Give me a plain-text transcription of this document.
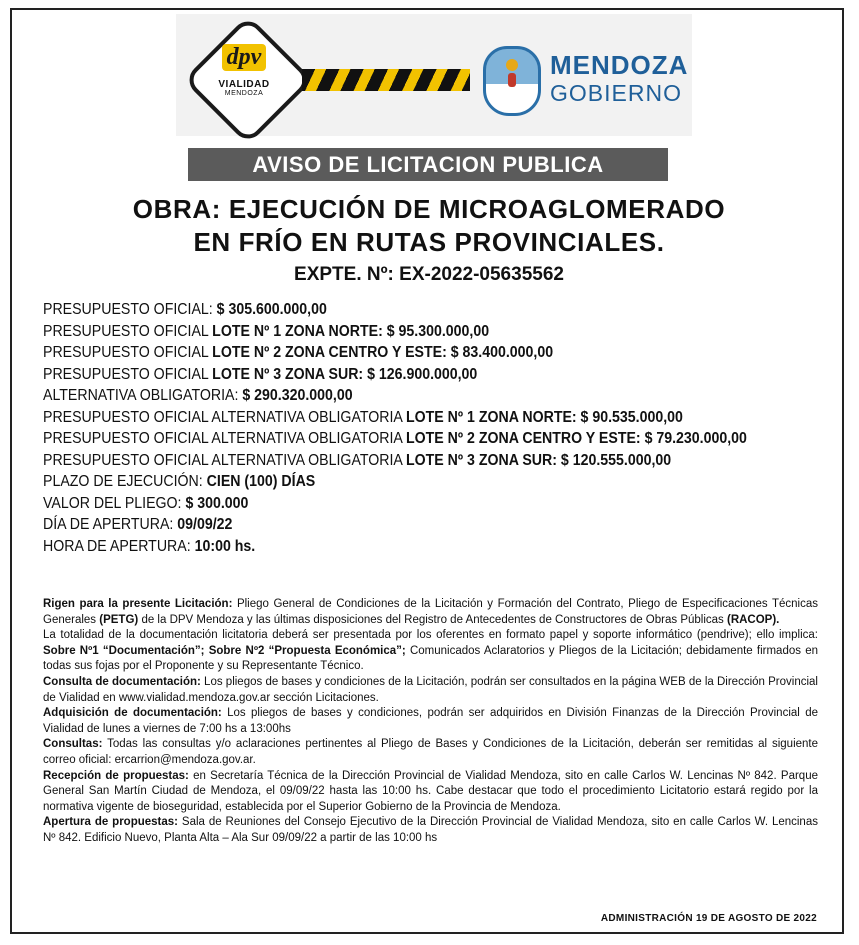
dpv
VIALIDAD
MENDOZA
MENDOZA
GOBIERNO
AVISO DE LICITACION PUBLICA
OBRA: EJECUCIÓN DE MICROAGLOMERADO
EN FRÍO EN RUTAS PROVINCIALES.
EXPTE. Nº: EX-2022-05635562
PRESUPUESTO OFICIAL: $ 305.600.000,00
PRESUPUESTO OFICIAL LOTE Nº 1 ZONA NORTE: $ 95.300.000,00
PRESUPUESTO OFICIAL LOTE Nº 2 ZONA CENTRO Y ESTE: $ 83.400.000,00
PRESUPUESTO OFICIAL LOTE Nº 3 ZONA SUR: $ 126.900.000,00
ALTERNATIVA OBLIGATORIA: $ 290.320.000,00
PRESUPUESTO OFICIAL ALTERNATIVA OBLIGATORIA LOTE Nº 1 ZONA NORTE: $ 90.535.000,00
PRESUPUESTO OFICIAL ALTERNATIVA OBLIGATORIA LOTE Nº 2 ZONA CENTRO Y ESTE: $ 79.230.000,00
PRESUPUESTO OFICIAL ALTERNATIVA OBLIGATORIA LOTE Nº 3 ZONA SUR: $ 120.555.000,00
PLAZO DE EJECUCIÓN: CIEN (100) DÍAS
VALOR DEL PLIEGO: $ 300.000
DÍA DE APERTURA: 09/09/22
HORA DE APERTURA: 10:00 hs.

Rigen para la presente Licitación: Pliego General de Condiciones de la Licitación y Formación del Contrato, Pliego de Especificaciones Técnicas Generales (PETG) de la DPV Mendoza y las últimas disposiciones del Registro de Antecedentes de Constructores de Obras Públicas (RACOP).

La totalidad de la documentación licitatoria deberá ser presentada por los oferentes en formato papel y soporte informático (pendrive); ello implica: Sobre Nº1 “Documentación”; Sobre Nº2 “Propuesta Económica”; Comunicados Aclaratorios y Pliegos de la Licitación; debidamente firmados en todas sus fojas por el Proponente y su Representante Técnico.

Consulta de documentación: Los pliegos de bases y condiciones de la Licitación, podrán ser consultados en la página WEB de la Dirección Provincial de Vialidad en www.vialidad.mendoza.gov.ar sección Licitaciones.

Adquisición de documentación: Los pliegos de bases y condiciones, podrán ser adquiridos en División Finanzas de la Dirección Provincial de Vialidad de lunes a viernes de 7:00 hs a 13:00hs

Consultas: Todas las consultas y/o aclaraciones pertinentes al Pliego de Bases y Condiciones de la Licitación, deberán ser remitidas al siguiente correo oficial: ercarrion@mendoza.gov.ar.

Recepción de propuestas: en Secretaría Técnica de la Dirección Provincial de Vialidad Mendoza, sito en calle Carlos W. Lencinas Nº 842. Parque General San Martín Ciudad de Mendoza, el 09/09/22 hasta las 10:00 hs. Cabe destacar que todo el procedimiento Licitatorio estará regido por la normativa vigente de bioseguridad, establecida por el Superior Gobierno de la Provincia de Mendoza.

Apertura de propuestas: Sala de Reuniones del Consejo Ejecutivo de la Dirección Provincial de Vialidad Mendoza, sito en calle Carlos W. Lencinas Nº 842. Edificio Nuevo, Planta Alta – Ala Sur 09/09/22 a partir de las 10:00 hs

ADMINISTRACIÓN 19 DE AGOSTO DE 2022
